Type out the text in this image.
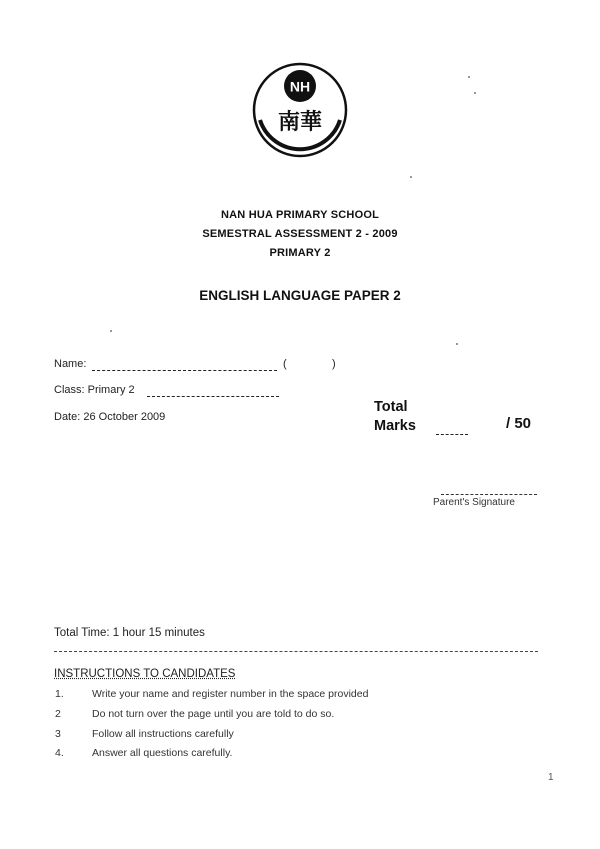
NH
南華
NAN HUA PRIMARY SCHOOL
SEMESTRAL ASSESSMENT 2 - 2009
PRIMARY 2
ENGLISH LANGUAGE PAPER 2
Name:	(	)
Class: Primary 2
Date: 26 October 2009
Total
Marks	/ 50
Parent's Signature
Total Time: 1 hour 15 minutes
INSTRUCTIONS TO CANDIDATES
1.	Write your name and register number in the space provided
2	Do not turn over the page until you are told to do so.
3	Follow all instructions carefully
4.	Answer all questions carefully.
1
